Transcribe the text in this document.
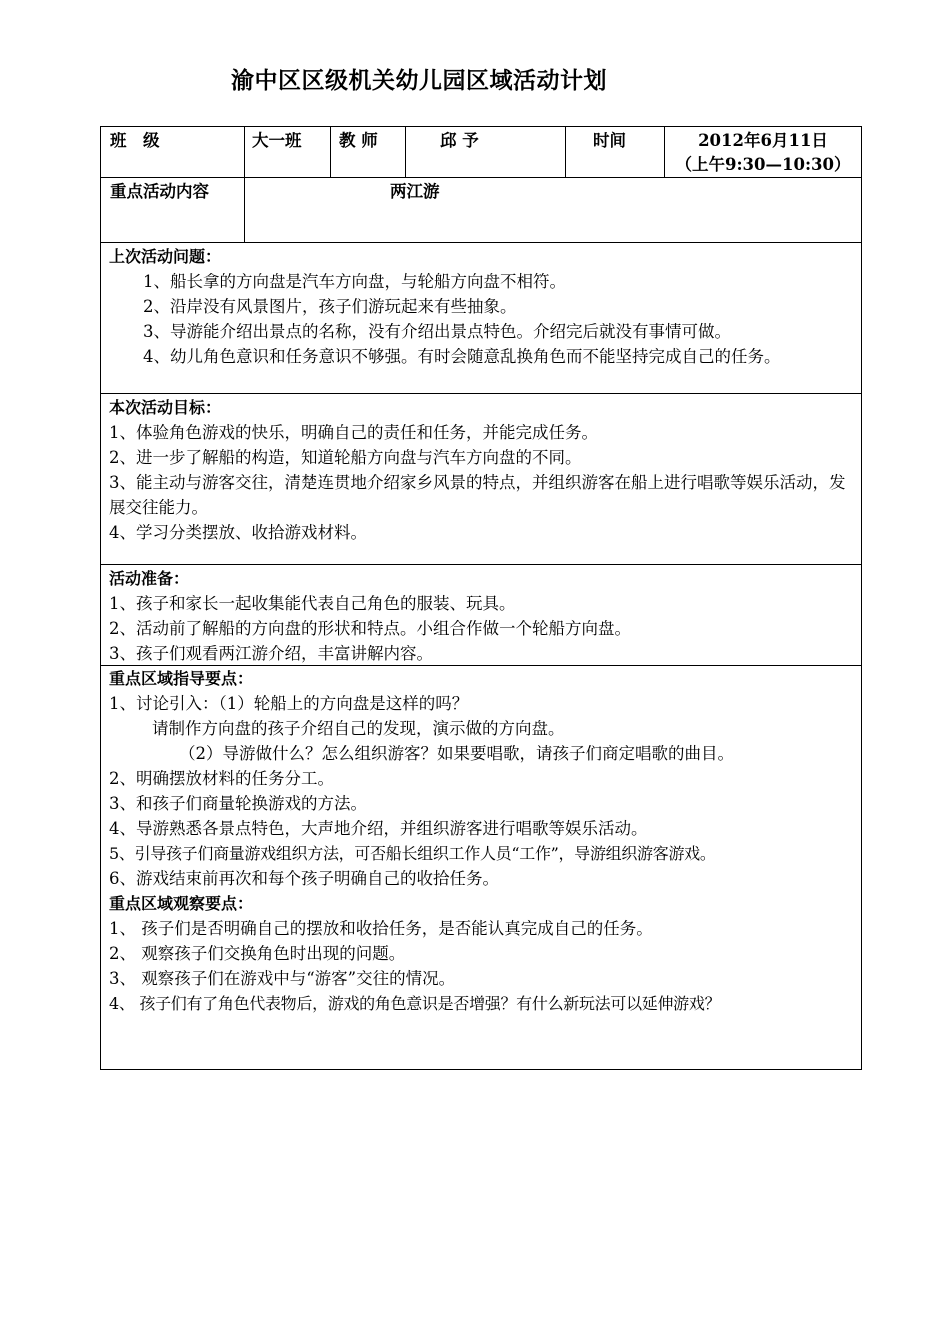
渝中区区级机关幼儿园区域活动计划
班　级	大一班 教 师	邱 予	时间	2012年6月11日
（上午9:30—10:30）
重点活动内容	两江游
上次活动问题：
1、船长拿的方向盘是汽车方向盘，与轮船方向盘不相符。
2、沿岸没有风景图片，孩子们游玩起来有些抽象。
3、导游能介绍出景点的名称，没有介绍出景点特色。介绍完后就没有事情可做。
4、幼儿角色意识和任务意识不够强。有时会随意乱换角色而不能坚持完成自己的任务。
本次活动目标：
1、体验角色游戏的快乐，明确自己的责任和任务，并能完成任务。
2、进一步了解船的构造，知道轮船方向盘与汽车方向盘的不同。
3、能主动与游客交往，清楚连贯地介绍家乡风景的特点，并组织游客在船上进行唱歌等娱乐活动，发展交往能力。
4、学习分类摆放、收拾游戏材料。
活动准备：
1、孩子和家长一起收集能代表自己角色的服装、玩具。
2、活动前了解船的方向盘的形状和特点。小组合作做一个轮船方向盘。
3、孩子们观看两江游介绍，丰富讲解内容。
重点区域指导要点：
1、讨论引入：（1）轮船上的方向盘是这样的吗？
请制作方向盘的孩子介绍自己的发现，演示做的方向盘。
（2）导游做什么？怎么组织游客？如果要唱歌，请孩子们商定唱歌的曲目。
2、明确摆放材料的任务分工。
3、和孩子们商量轮换游戏的方法。
4、导游熟悉各景点特色，大声地介绍，并组织游客进行唱歌等娱乐活动。
5、引导孩子们商量游戏组织方法，可否船长组织工作人员“工作”，导游组织游客游戏。
6、游戏结束前再次和每个孩子明确自己的收拾任务。
重点区域观察要点：
1、 孩子们是否明确自己的摆放和收拾任务，是否能认真完成自己的任务。
2、 观察孩子们交换角色时出现的问题。
3、 观察孩子们在游戏中与“游客”交往的情况。
4、 孩子们有了角色代表物后，游戏的角色意识是否增强？有什么新玩法可以延伸游戏？
